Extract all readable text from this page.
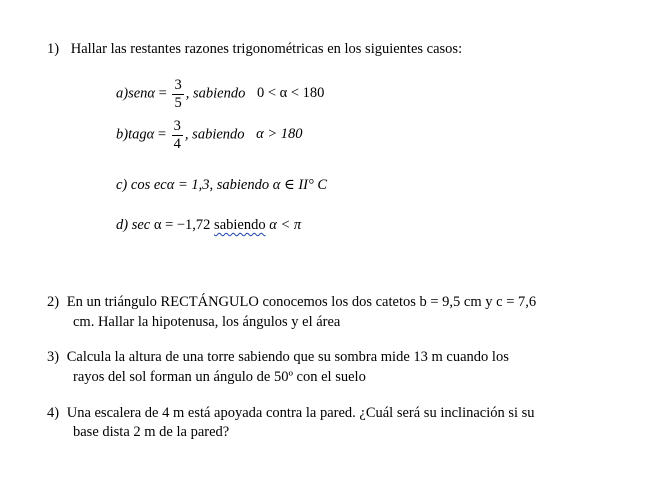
1) Hallar las restantes razones trigonométricas en los siguientes casos:
$a)sen\alpha = \frac{3}{5}$ , sabiendo 0 < α < 180
$b)tag\alpha = \frac{3}{4}$ , sabiendo α > 180
c) cos ecα = 1,3, sabiendo α ∈ II° C
d) sec α = −1,72 sabiendo α < π
2) En un triángulo RECTÁNGULO conocemos los dos catetos b = 9,5 cm y c = 7,6
cm. Hallar la hipotenusa, los ángulos y el área
3) Calcula la altura de una torre sabiendo que su sombra mide 13 m cuando los
rayos del sol forman un ángulo de 50º con el suelo
4) Una escalera de 4 m está apoyada contra la pared. ¿Cuál será su inclinación si su
base dista 2 m de la pared?
